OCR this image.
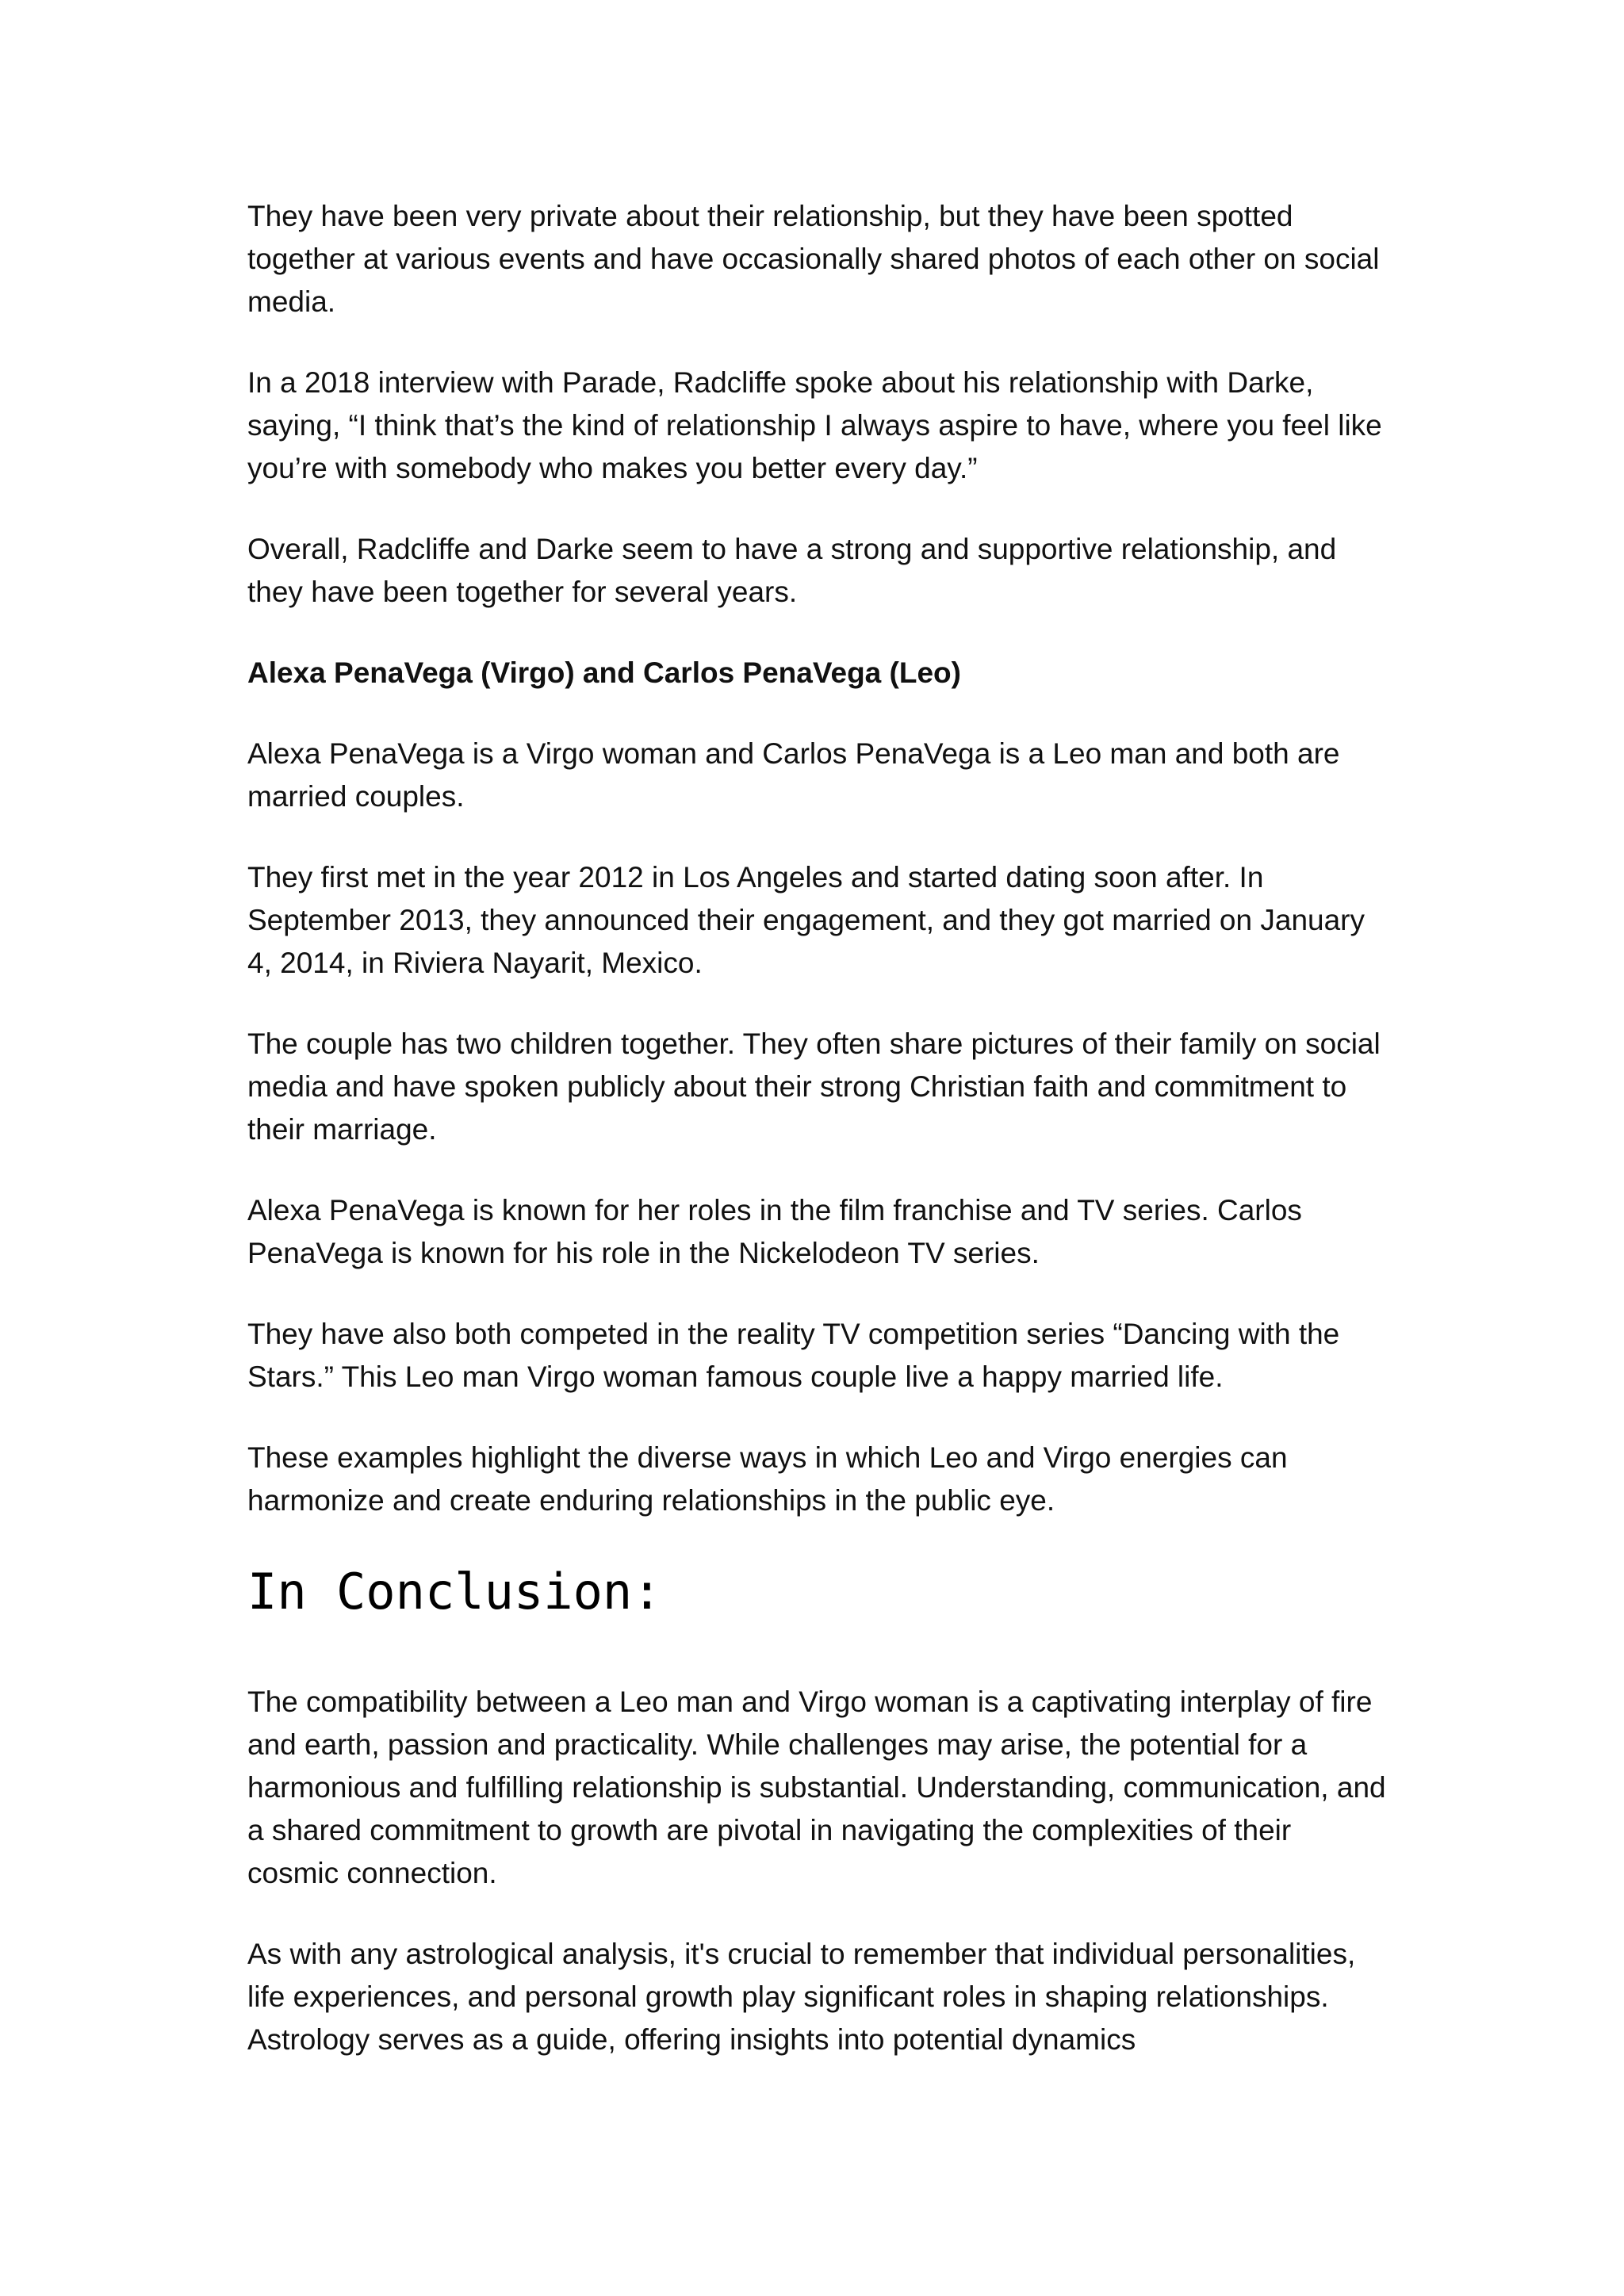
They have been very private about their relationship, but they have been spotted together at various events and have occasionally shared photos of each other on social media.

In a 2018 interview with Parade, Radcliffe spoke about his relationship with Darke, saying, “I think that’s the kind of relationship I always aspire to have, where you feel like you’re with somebody who makes you better every day.”

Overall, Radcliffe and Darke seem to have a strong and supportive relationship, and they have been together for several years.

Alexa PenaVega (Virgo) and Carlos PenaVega (Leo)

Alexa PenaVega is a Virgo woman and Carlos PenaVega is a Leo man and both are married couples.

They first met in the year 2012 in Los Angeles and started dating soon after. In September 2013, they announced their engagement, and they got married on January 4, 2014, in Riviera Nayarit, Mexico.

The couple has two children together. They often share pictures of their family on social media and have spoken publicly about their strong Christian faith and commitment to their marriage.

Alexa PenaVega is known for her roles in the film franchise and TV series. Carlos PenaVega is known for his role in the Nickelodeon TV series.

They have also both competed in the reality TV competition series “Dancing with the Stars.” This Leo man Virgo woman famous couple live a happy married life.

These examples highlight the diverse ways in which Leo and Virgo energies can harmonize and create enduring relationships in the public eye.

In Conclusion:

The compatibility between a Leo man and Virgo woman is a captivating interplay of fire and earth, passion and practicality. While challenges may arise, the potential for a harmonious and fulfilling relationship is substantial. Understanding, communication, and a shared commitment to growth are pivotal in navigating the complexities of their cosmic connection.

As with any astrological analysis, it's crucial to remember that individual personalities, life experiences, and personal growth play significant roles in shaping relationships. Astrology serves as a guide, offering insights into potential dynamics
